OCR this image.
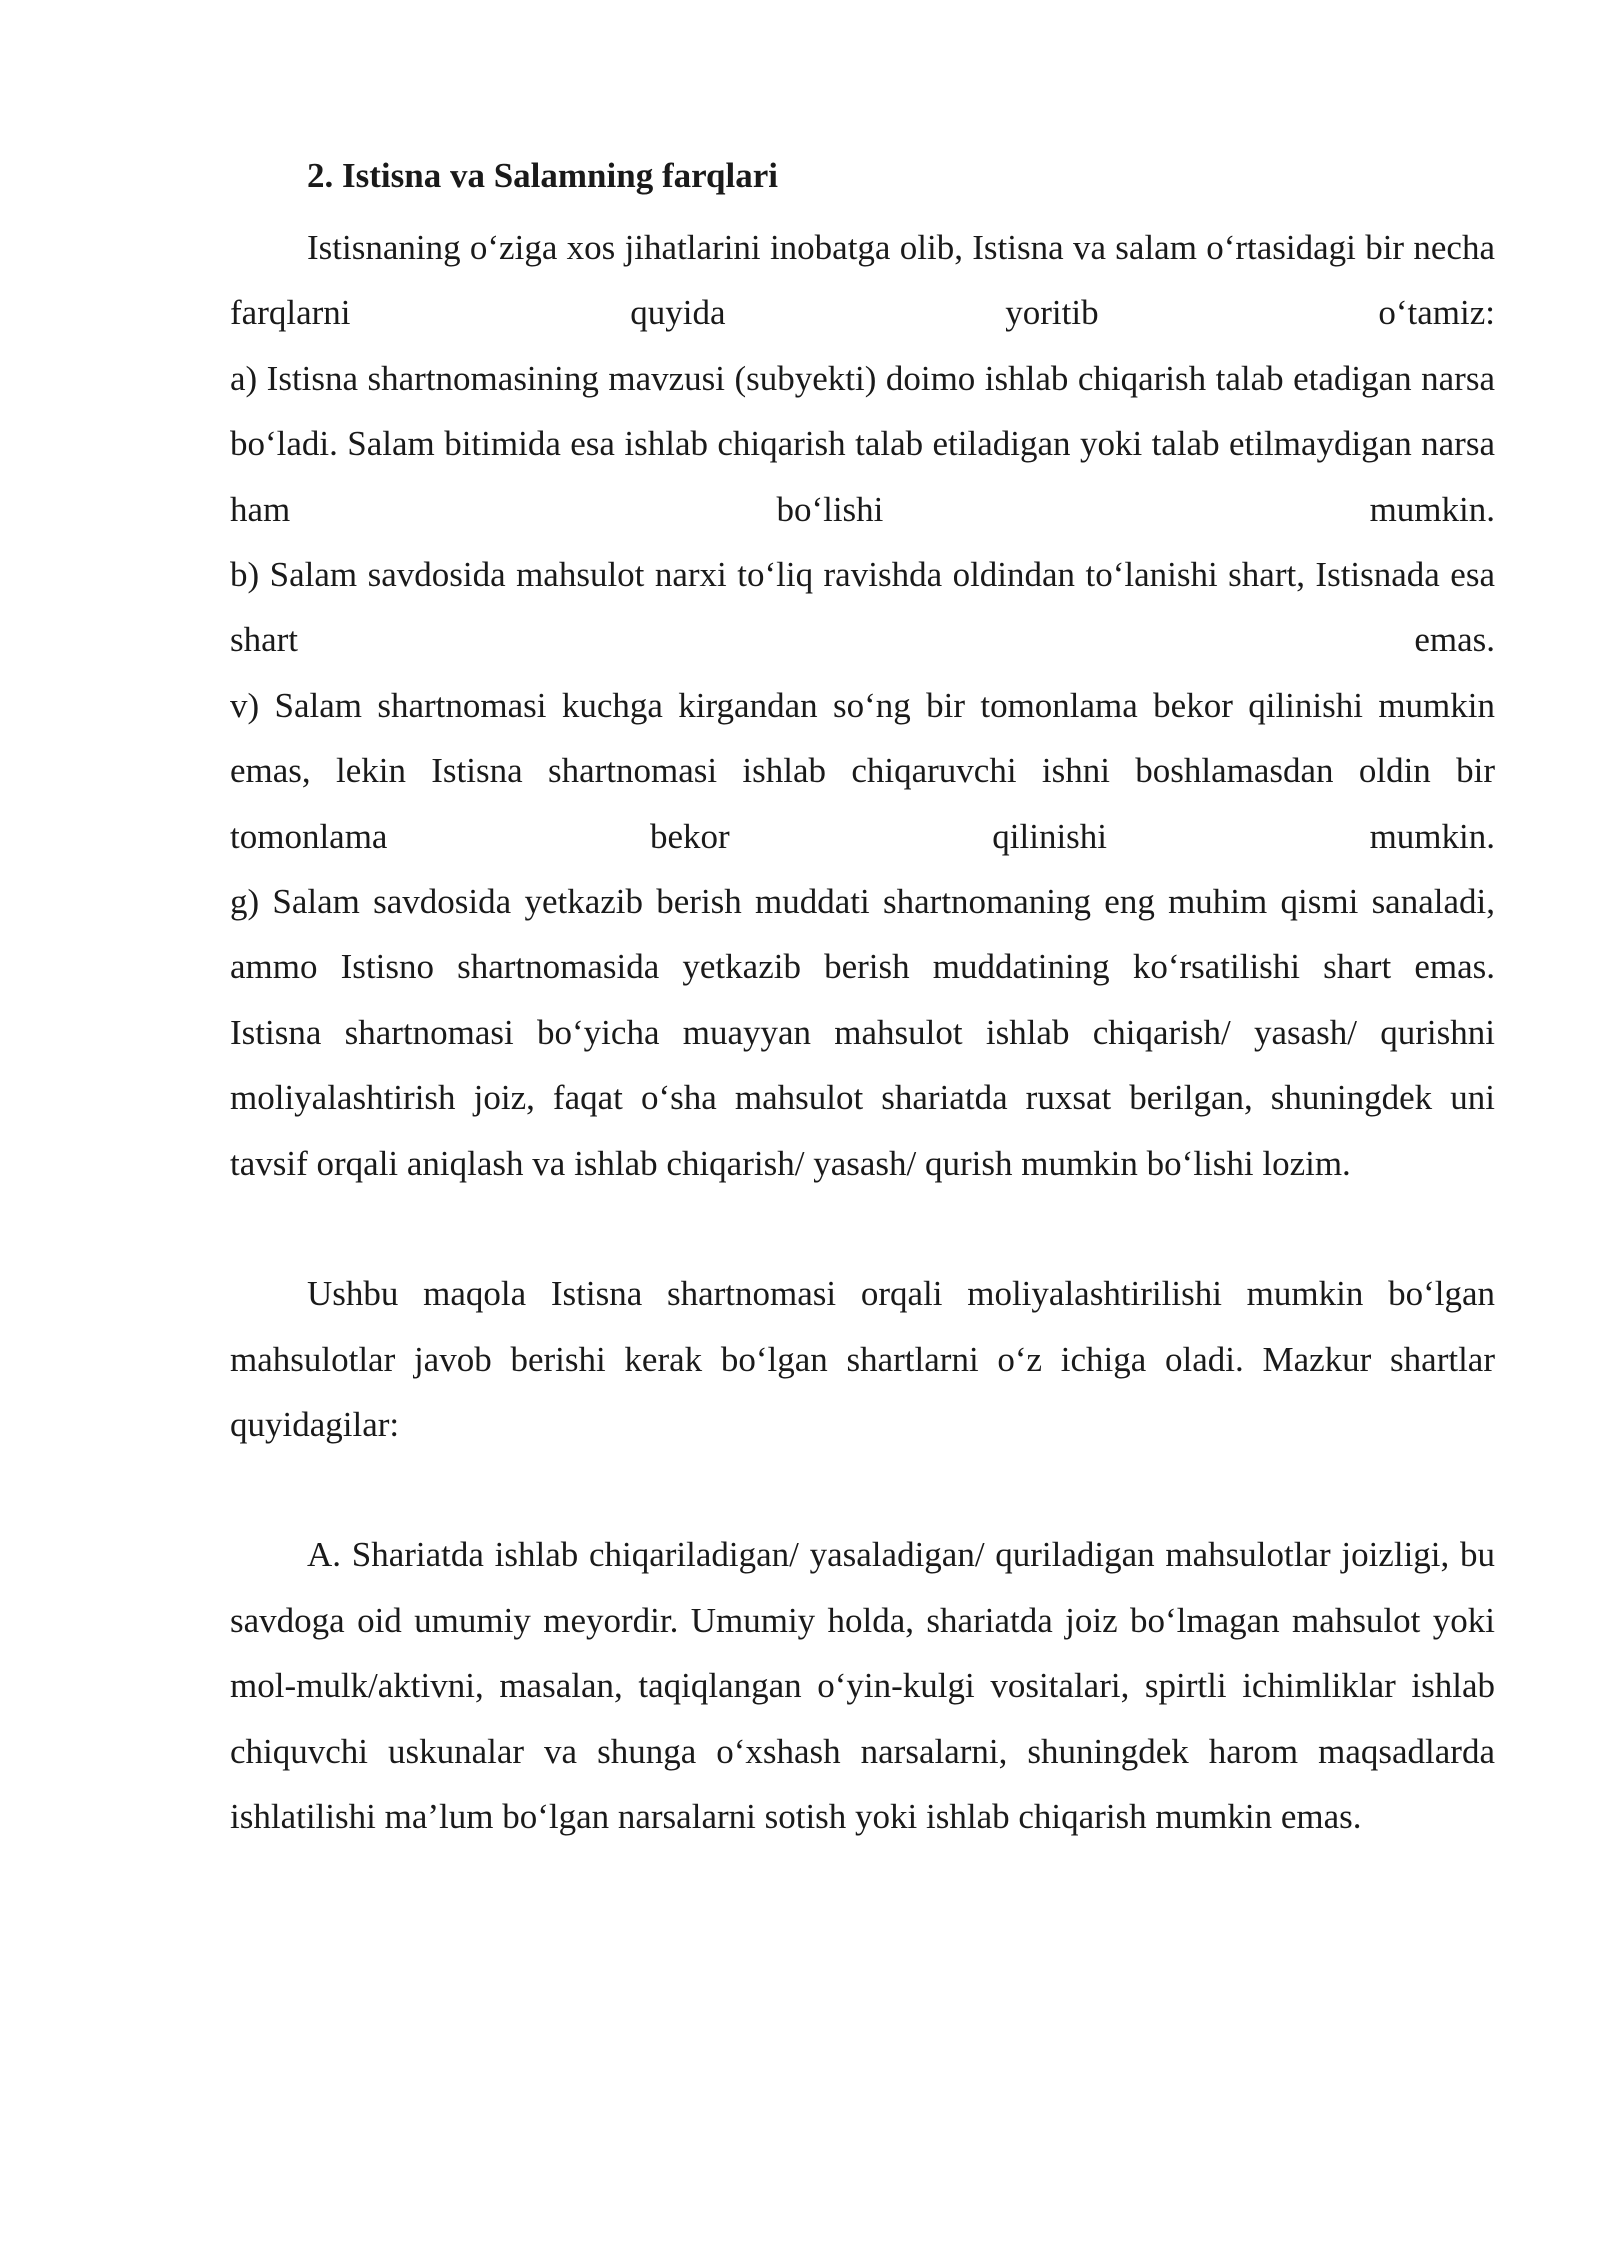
2. Istisna va Salamning farqlari

Istisnaning o‘ziga xos jihatlarini inobatga olib, Istisna va salam o‘rtasidagi bir necha farqlarni quyida yoritib o‘tamiz:

a) Istisna shartnomasining mavzusi (subyekti) doimo ishlab chiqarish talab etadigan narsa bo‘ladi. Salam bitimida esa ishlab chiqarish talab etiladigan yoki talab etilmaydigan narsa ham bo‘lishi mumkin.

b) Salam savdosida mahsulot narxi to‘liq ravishda oldindan to‘lanishi shart, Istisnada esa shart emas.

v) Salam shartnomasi kuchga kirgandan so‘ng bir tomonlama bekor qilinishi mumkin emas, lekin Istisna shartnomasi ishlab chiqaruvchi ishni boshlamasdan oldin bir tomonlama bekor qilinishi mumkin.

g) Salam savdosida yetkazib berish muddati shartnomaning eng muhim qismi sanaladi, ammo Istisno shartnomasida yetkazib berish muddatining ko‘rsatilishi shart emas.

Istisna shartnomasi bo‘yicha muayyan mahsulot ishlab chiqarish/ yasash/ qurishni moliyalashtirish joiz, faqat o‘sha mahsulot shariatda ruxsat berilgan, shuningdek uni tavsif orqali aniqlash va ishlab chiqarish/ yasash/ qurish mumkin bo‘lishi lozim.

Ushbu maqola Istisna shartnomasi orqali moliyalashtirilishi mumkin bo‘lgan mahsulotlar javob berishi kerak bo‘lgan shartlarni o‘z ichiga oladi. Mazkur shartlar quyidagilar:

A. Shariatda ishlab chiqariladigan/ yasaladigan/ quriladigan mahsulotlar joizligi, bu savdoga oid umumiy meyordir. Umumiy holda, shariatda joiz bo‘lmagan mahsulot yoki mol-mulk/aktivni, masalan, taqiqlangan o‘yin-kulgi vositalari, spirtli ichimliklar ishlab chiquvchi uskunalar va shunga o‘xshash narsalarni, shuningdek harom maqsadlarda ishlatilishi ma’lum bo‘lgan narsalarni sotish yoki ishlab chiqarish mumkin emas.
